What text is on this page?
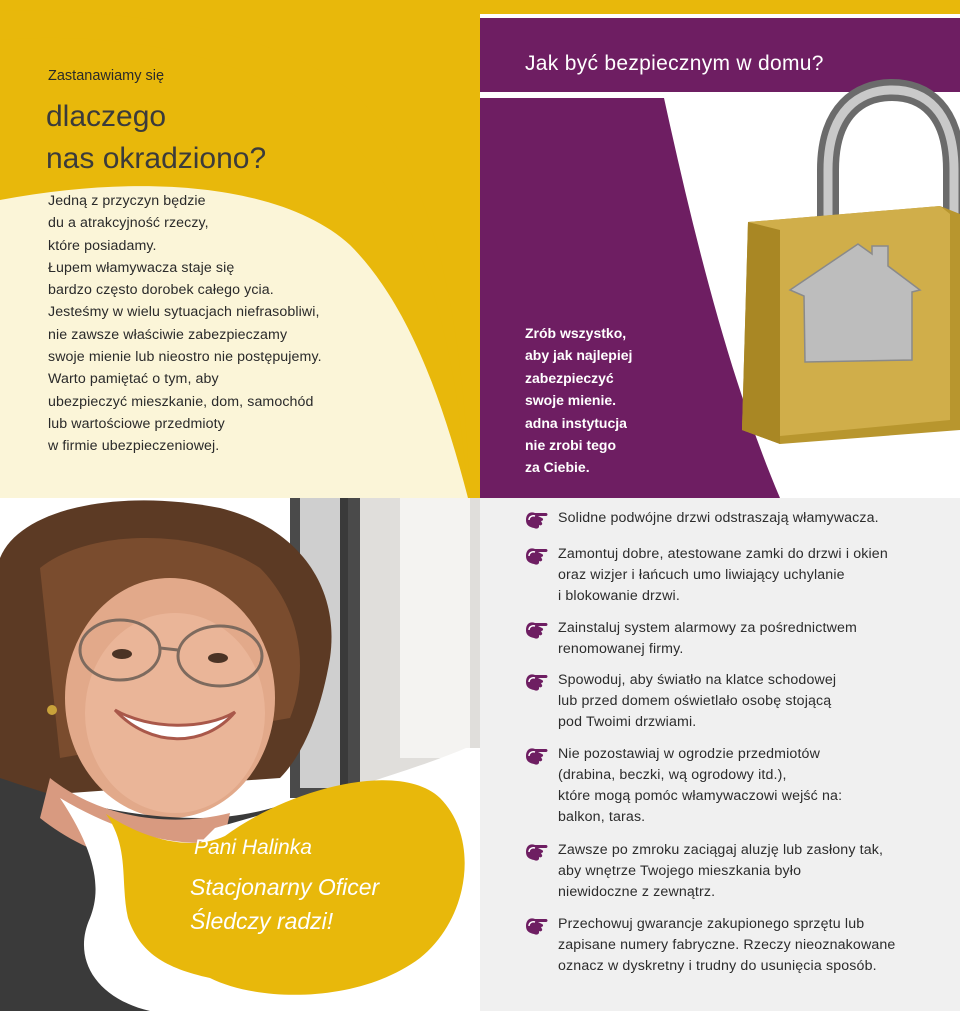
Zastanawiamy się
dlaczego
nas okradziono?
Jedną z przyczyn będzie
du a atrakcyjność rzeczy,
które posiadamy.
Łupem włamywacza staje się
bardzo często dorobek całego ycia.
Jesteśmy w wielu sytuacjach niefrasobliwi,
nie zawsze właściwie zabezpieczamy
swoje mienie lub nieostro nie postępujemy.
Warto pamiętać o tym, aby
ubezpieczyć mieszkanie, dom, samochód
lub wartościowe przedmioty
w firmie ubezpieczeniowej.
Jak być bezpiecznym w domu?
Zrób wszystko,
aby jak najlepiej
zabezpieczyć
swoje mienie.
adna instytucja
nie zrobi tego
za Ciebie.
Pani Halinka
Stacjonarny Oficer
Śledczy radzi!
Solidne podwójne drzwi odstraszają włamywacza.
Zamontuj dobre, atestowane zamki do drzwi i okien
oraz wizjer i łańcuch umo liwiający uchylanie
i blokowanie drzwi.
Zainstaluj system alarmowy za pośrednictwem
renomowanej firmy.
Spowoduj, aby światło na klatce schodowej
lub przed domem oświetlało osobę stojącą
pod Twoimi drzwiami.
Nie pozostawiaj w ogrodzie przedmiotów
(drabina, beczki, wą ogrodowy itd.),
które mogą pomóc włamywaczowi wejść na:
balkon, taras.
Zawsze po zmroku zaciągaj aluzję lub zasłony tak,
aby wnętrze Twojego mieszkania było
niewidoczne z zewnątrz.
Przechowuj gwarancje zakupionego sprzętu lub
zapisane numery fabryczne. Rzeczy nieoznakowane
oznacz w dyskretny i trudny do usunięcia sposób.
